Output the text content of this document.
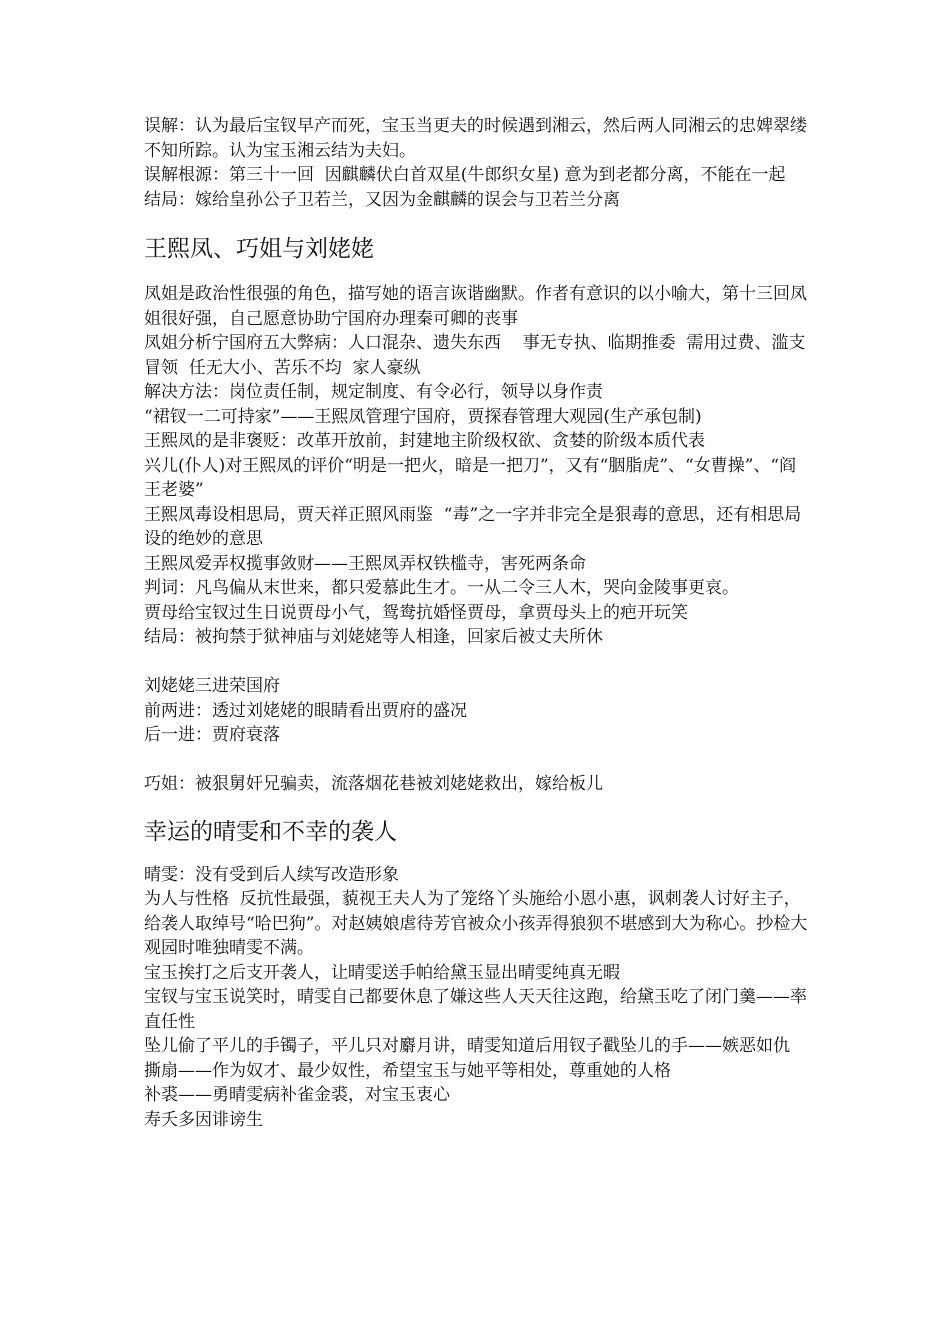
误解：认为最后宝钗早产而死，宝玉当更夫的时候遇到湘云，然后两人同湘云的忠婢翠缕不知所踪。认为宝玉湘云结为夫妇。

误解根源：第三十一回  因麒麟伏白首双星(牛郎织女星) 意为到老都分离，不能在一起

结局：嫁给皇孙公子卫若兰，又因为金麒麟的误会与卫若兰分离

王熙凤、巧姐与刘姥姥

凤姐是政治性很强的角色，描写她的语言诙谐幽默。作者有意识的以小喻大，第十三回凤姐很好强，自己愿意协助宁国府办理秦可卿的丧事

凤姐分析宁国府五大弊病：人口混杂、遗失东西    事无专执、临期推委  需用过费、滥支冒领  任无大小、苦乐不均  家人豪纵

解决方法：岗位责任制，规定制度、有令必行，领导以身作责

“裙钗一二可持家”——王熙凤管理宁国府，贾探春管理大观园(生产承包制)

王熙凤的是非褒贬：改革开放前，封建地主阶级权欲、贪婪的阶级本质代表

兴儿(仆人)对王熙凤的评价“明是一把火，暗是一把刀”，又有“胭脂虎”、“女曹操”、“阎王老婆”

王熙凤毒设相思局，贾天祥正照风雨鉴  “毒”之一字并非完全是狠毒的意思，还有相思局设的绝妙的意思

王熙凤爱弄权揽事敛财——王熙凤弄权铁槛寺，害死两条命

判词：凡鸟偏从末世来，都只爱慕此生才。一从二令三人木，哭向金陵事更哀。

贾母给宝钗过生日说贾母小气，鸳鸯抗婚怪贾母，拿贾母头上的疤开玩笑

结局：被拘禁于狱神庙与刘姥姥等人相逢，回家后被丈夫所休

刘姥姥三进荣国府

前两进：透过刘姥姥的眼睛看出贾府的盛况

后一进：贾府衰落

巧姐：被狠舅奸兄骗卖，流落烟花巷被刘姥姥救出，嫁给板儿

幸运的晴雯和不幸的袭人

晴雯：没有受到后人续写改造形象

为人与性格  反抗性最强，藐视王夫人为了笼络丫头施给小恩小惠，讽刺袭人讨好主子，给袭人取绰号“哈巴狗”。对赵姨娘虐待芳官被众小孩弄得狼狈不堪感到大为称心。抄检大观园时唯独晴雯不满。

宝玉挨打之后支开袭人，让晴雯送手帕给黛玉显出晴雯纯真无暇

宝钗与宝玉说笑时，晴雯自己都要休息了嫌这些人天天往这跑，给黛玉吃了闭门羹——率直任性

坠儿偷了平儿的手镯子，平儿只对麝月讲，晴雯知道后用钗子戳坠儿的手——嫉恶如仇

撕扇——作为奴才、最少奴性，希望宝玉与她平等相处，尊重她的人格

补裘——勇晴雯病补雀金裘，对宝玉衷心

寿夭多因诽谤生
